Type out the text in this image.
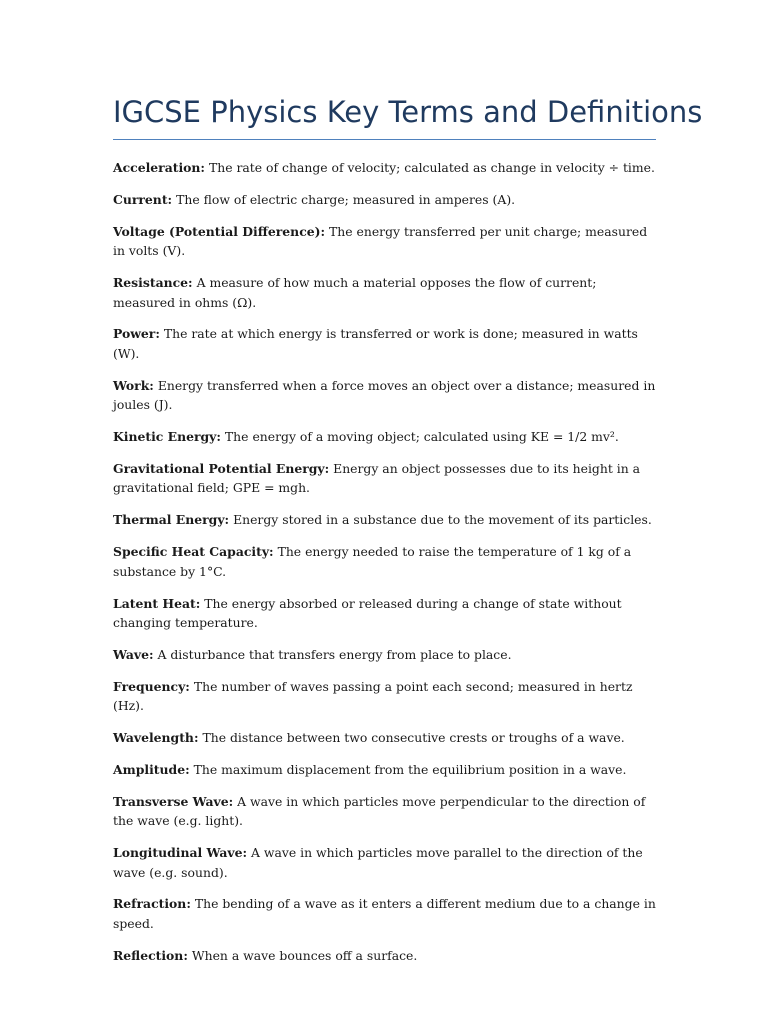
IGCSE Physics Key Terms and Definitions
Acceleration: The rate of change of velocity; calculated as change in velocity ÷ time.
Current: The flow of electric charge; measured in amperes (A).
Voltage (Potential Difference): The energy transferred per unit charge; measured in volts (V).
Resistance: A measure of how much a material opposes the flow of current; measured in ohms (Ω).
Power: The rate at which energy is transferred or work is done; measured in watts (W).
Work: Energy transferred when a force moves an object over a distance; measured in joules (J).
Kinetic Energy: The energy of a moving object; calculated using KE = 1/2 mv².
Gravitational Potential Energy: Energy an object possesses due to its height in a gravitational field; GPE = mgh.
Thermal Energy: Energy stored in a substance due to the movement of its particles.
Specific Heat Capacity: The energy needed to raise the temperature of 1 kg of a substance by 1°C.
Latent Heat: The energy absorbed or released during a change of state without changing temperature.
Wave: A disturbance that transfers energy from place to place.
Frequency: The number of waves passing a point each second; measured in hertz (Hz).
Wavelength: The distance between two consecutive crests or troughs of a wave.
Amplitude: The maximum displacement from the equilibrium position in a wave.
Transverse Wave: A wave in which particles move perpendicular to the direction of the wave (e.g. light).
Longitudinal Wave: A wave in which particles move parallel to the direction of the wave (e.g. sound).
Refraction: The bending of a wave as it enters a different medium due to a change in speed.
Reflection: When a wave bounces off a surface.
